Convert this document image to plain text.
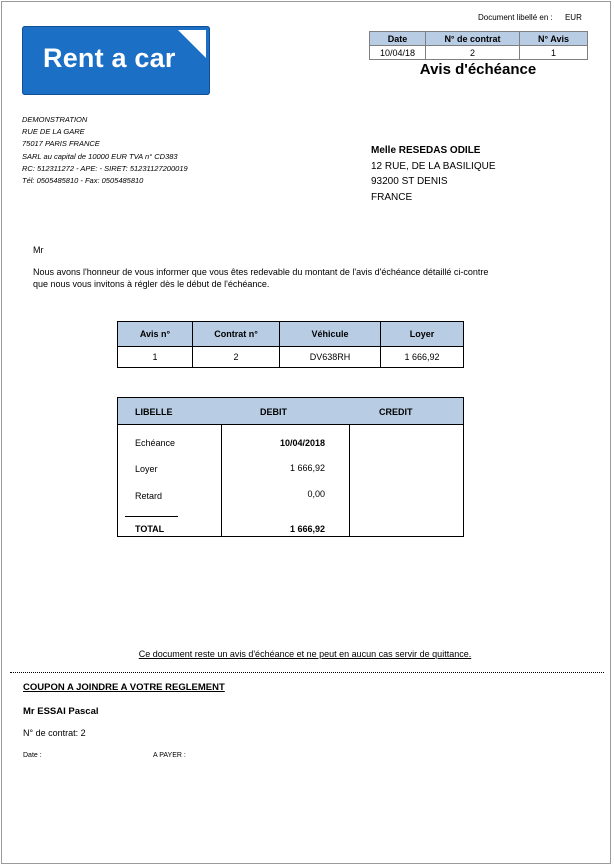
Rent a car
Document libellé en : EUR
Date	N° de contrat	N° Avis
10/04/18	2	1
Avis d'échéance
DEMONSTRATION
RUE DE LA GARE
75017 PARIS FRANCE
SARL au capital de 10000 EUR TVA n° CD383
RC: 512311272 - APE: - SIRET: 51231127200019
Tél: 0505485810 - Fax: 0505485810
Melle RESEDAS ODILE
12 RUE, DE LA BASILIQUE
93200 ST DENIS
FRANCE
Mr
Nous avons l'honneur de vous informer que vous êtes redevable du montant de l'avis d'échéance détaillé ci-contre
que nous vous invitons à régler dès le début de l'échéance.
Avis n°	Contrat n°	Véhicule	Loyer
1	2	DV638RH	1 666,92
LIBELLE	DEBIT	CREDIT
Echéance	10/04/2018
Loyer	1 666,92
Retard	0,00
TOTAL	1 666,92
Ce document reste un avis d'échéance et ne peut en aucun cas servir de quittance.
COUPON A JOINDRE A VOTRE REGLEMENT
Mr ESSAI Pascal
N° de contrat: 2
Date :	A PAYER :
